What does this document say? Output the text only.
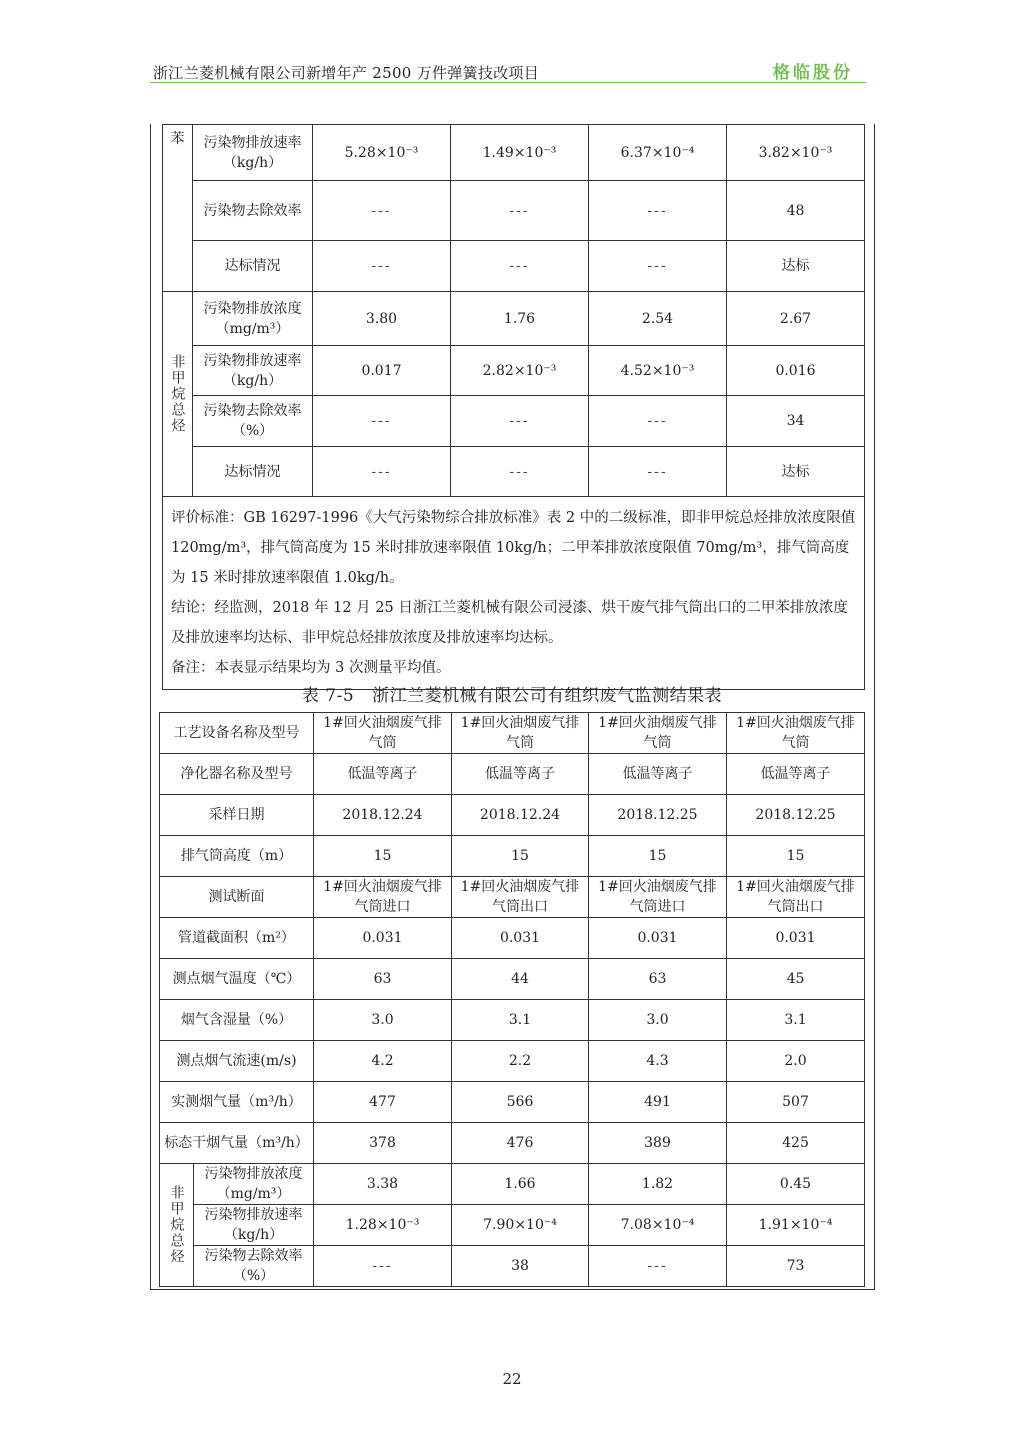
浙江兰菱机械有限公司新增年产 2500 万件弹簧技改项目	格临股份
苯	污染物排放速率（kg/h）	5.28×10⁻³	1.49×10⁻³	6.37×10⁻⁴	3.82×10⁻³
	污染物去除效率	---	---	---	48
	达标情况	---	---	---	达标
非甲烷总烃	污染物排放浓度（mg/m³）	3.80	1.76	2.54	2.67
	污染物排放速率（kg/h）	0.017	2.82×10⁻³	4.52×10⁻³	0.016
	污染物去除效率（%）	---	---	---	34
	达标情况	---	---	---	达标

评价标准：GB 16297-1996《大气污染物综合排放标准》表 2 中的二级标准，即非甲烷总烃排放浓度限值 120mg/m³，排气筒高度为 15 米时排放速率限值 10kg/h；二甲苯排放浓度限值 70mg/m³，排气筒高度为 15 米时排放速率限值 1.0kg/h。
结论：经监测，2018 年 12 月 25 日浙江兰菱机械有限公司浸漆、烘干废气排气筒出口的二甲苯排放浓度及排放速率均达标、非甲烷总烃排放浓度及排放速率均达标。
备注：本表显示结果均为 3 次测量平均值。					
表 7-5 浙江兰菱机械有限公司有组织废气监测结果表
工艺设备名称及型号		1#回火油烟废气排气筒	1#回火油烟废气排气筒	1#回火油烟废气排气筒	1#回火油烟废气排气筒
净化器名称及型号		低温等离子	低温等离子	低温等离子	低温等离子
采样日期		2018.12.24	2018.12.24	2018.12.25	2018.12.25
排气筒高度（m）		15	15	15	15
测试断面		1#回火油烟废气排气筒进口	1#回火油烟废气排气筒出口	1#回火油烟废气排气筒进口	1#回火油烟废气排气筒出口
管道截面积（m²）		0.031	0.031	0.031	0.031
测点烟气温度（℃）		63	44	63	45
烟气含湿量（%）		3.0	3.1	3.0	3.1
测点烟气流速(m/s)		4.2	2.2	4.3	2.0
实测烟气量（m³/h）		477	566	491	507
标态干烟气量（m³/h）		378	476	389	425
非甲烷总烃	污染物排放浓度（mg/m³）	3.38	1.66	1.82	0.45
	污染物排放速率（kg/h）	1.28×10⁻³	7.90×10⁻⁴	7.08×10⁻⁴	1.91×10⁻⁴
	污染物去除效率（%）	---	38	---	73
22
